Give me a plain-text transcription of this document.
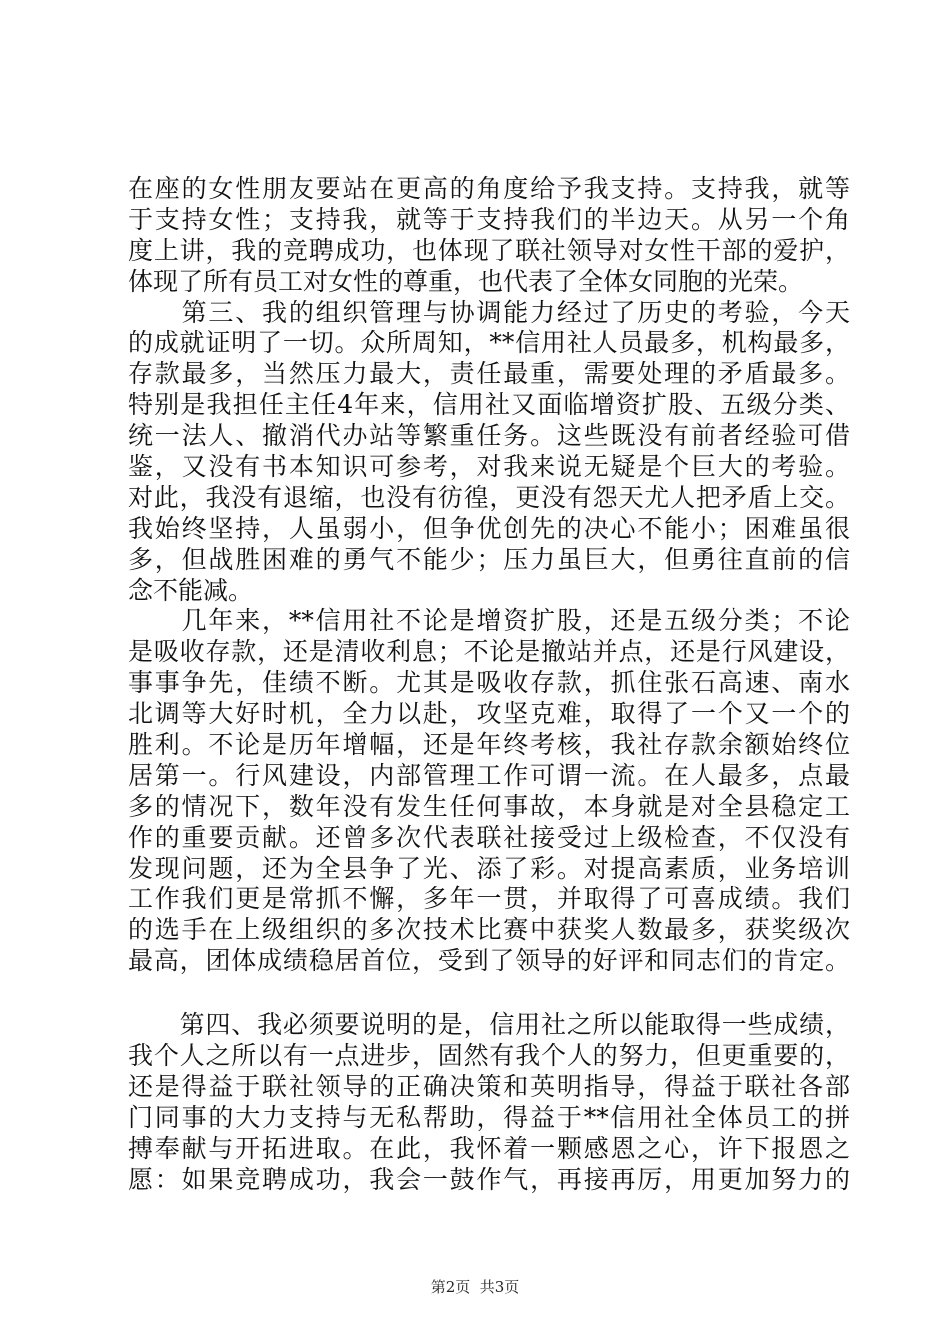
在座的女性朋友要站在更高的角度给予我支持。支持我，就等
于支持女性；支持我，就等于支持我们的半边天。从另一个角
度上讲，我的竞聘成功，也体现了联社领导对女性干部的爱护，
体现了所有员工对女性的尊重，也代表了全体女同胞的光荣。
　　第三、我的组织管理与协调能力经过了历史的考验，今天
的成就证明了一切。众所周知，**信用社人员最多，机构最多，
存款最多，当然压力最大，责任最重，需要处理的矛盾最多。
特别是我担任主任4年来，信用社又面临增资扩股、五级分类、
统一法人、撤消代办站等繁重任务。这些既没有前者经验可借
鉴，又没有书本知识可参考，对我来说无疑是个巨大的考验。
对此，我没有退缩，也没有彷徨，更没有怨天尤人把矛盾上交。
我始终坚持，人虽弱小，但争优创先的决心不能小；困难虽很
多，但战胜困难的勇气不能少；压力虽巨大，但勇往直前的信
念不能减。
　　几年来，**信用社不论是增资扩股，还是五级分类；不论
是吸收存款，还是清收利息；不论是撤站并点，还是行风建设，
事事争先，佳绩不断。尤其是吸收存款，抓住张石高速、南水
北调等大好时机，全力以赴，攻坚克难，取得了一个又一个的
胜利。不论是历年增幅，还是年终考核，我社存款余额始终位
居第一。行风建设，内部管理工作可谓一流。在人最多，点最
多的情况下，数年没有发生任何事故，本身就是对全县稳定工
作的重要贡献。还曾多次代表联社接受过上级检查，不仅没有
发现问题，还为全县争了光、添了彩。对提高素质，业务培训
工作我们更是常抓不懈，多年一贯，并取得了可喜成绩。我们
的选手在上级组织的多次技术比赛中获奖人数最多，获奖级次
最高，团体成绩稳居首位，受到了领导的好评和同志们的肯定。
　　第四、我必须要说明的是，信用社之所以能取得一些成绩，
我个人之所以有一点进步，固然有我个人的努力，但更重要的，
还是得益于联社领导的正确决策和英明指导，得益于联社各部
门同事的大力支持与无私帮助，得益于**信用社全体员工的拼
搏奉献与开拓进取。在此，我怀着一颗感恩之心，许下报恩之
愿：如果竞聘成功，我会一鼓作气，再接再厉，用更加努力的
第2页  共3页
